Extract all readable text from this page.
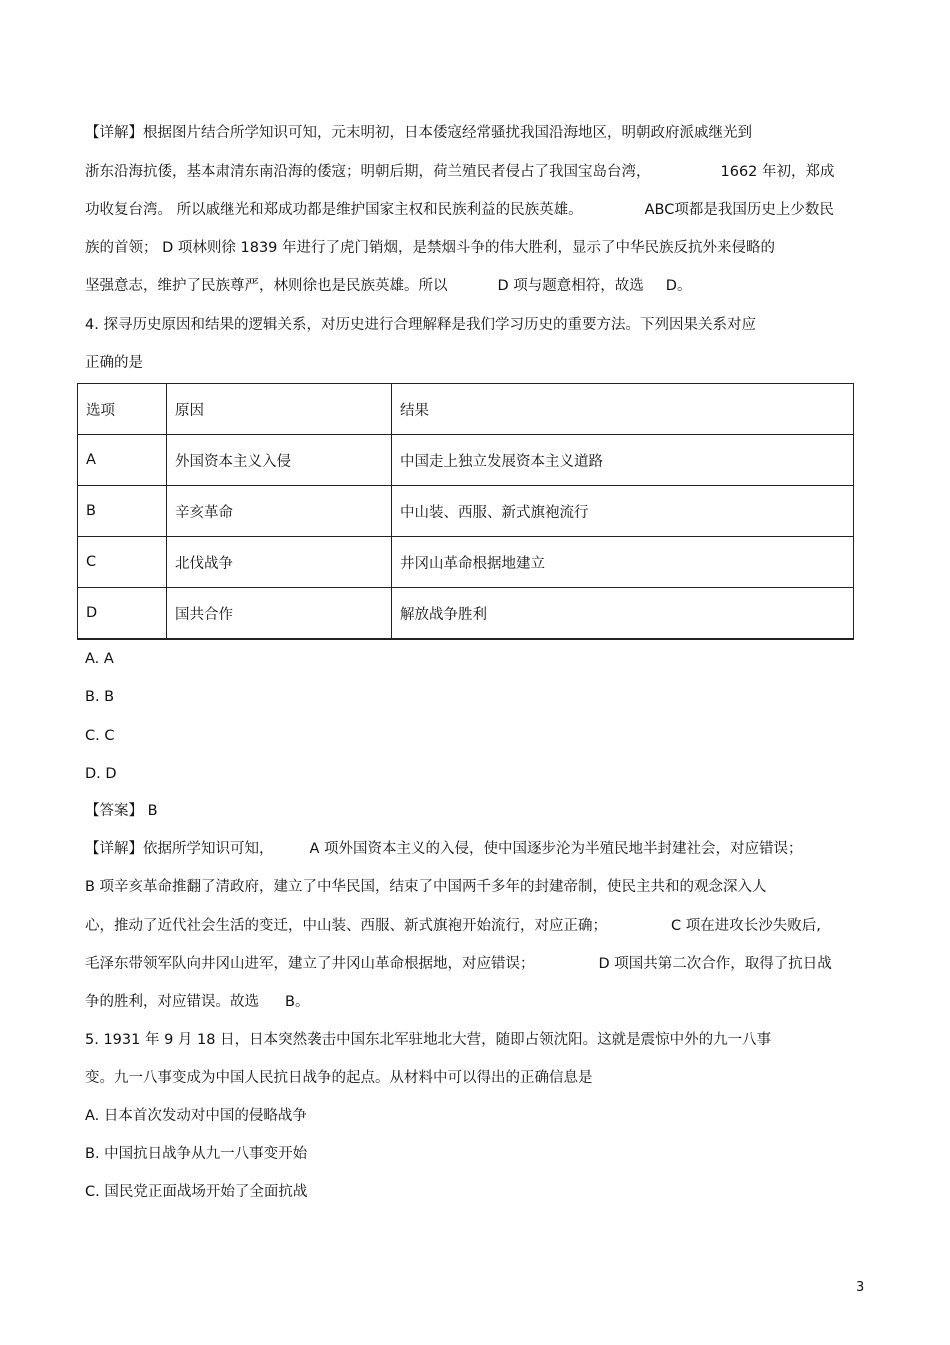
【详解】根据图片结合所学知识可知，元末明初，日本倭寇经常骚扰我国沿海地区，明朝政府派戚继光到
浙东沿海抗倭，基本肃清东南沿海的倭寇；明朝后期，荷兰殖民者侵占了我国宝岛台湾，	1662 年初，郑成
功收复台湾。 所以戚继光和郑成功都是维护国家主权和民族利益的民族英雄。	ABC项都是我国历史上少数民
族的首领； D 项林则徐 1839 年进行了虎门销烟，是禁烟斗争的伟大胜利，显示了中华民族反抗外来侵略的
坚强意志，维护了民族尊严，林则徐也是民族英雄。所以	D 项与题意相符，故选 D。
4. 探寻历史原因和结果的逻辑关系，对历史进行合理解释是我们学习历史的重要方法。下列因果关系对应
正确的是
选项	原因	结果
A	外国资本主义入侵	中国走上独立发展资本主义道路
B	辛亥革命	中山装、西服、新式旗袍流行
C	北伐战争	井冈山革命根据地建立
D	国共合作	解放战争胜利
A. A
B. B
C. C
D. D
【答案】 B
【详解】依据所学知识可知， A 项外国资本主义的入侵，使中国逐步沦为半殖民地半封建社会，对应错误；
B 项辛亥革命推翻了清政府，建立了中华民国，结束了中国两千多年的封建帝制，使民主共和的观念深入人
心，推动了近代社会生活的变迁，中山装、西服、新式旗袍开始流行，对应正确；	C 项在进攻长沙失败后,
毛泽东带领军队向井冈山进军，建立了井冈山革命根据地，对应错误；	D 项国共第二次合作，取得了抗日战
争的胜利，对应错误。故选 B。
5. 1931 年 9 月 18 日，日本突然袭击中国东北军驻地北大营，随即占领沈阳。这就是震惊中外的九一八事
变。九一八事变成为中国人民抗日战争的起点。从材料中可以得出的正确信息是
A. 日本首次发动对中国的侵略战争
B. 中国抗日战争从九一八事变开始
C. 国民党正面战场开始了全面抗战
3
